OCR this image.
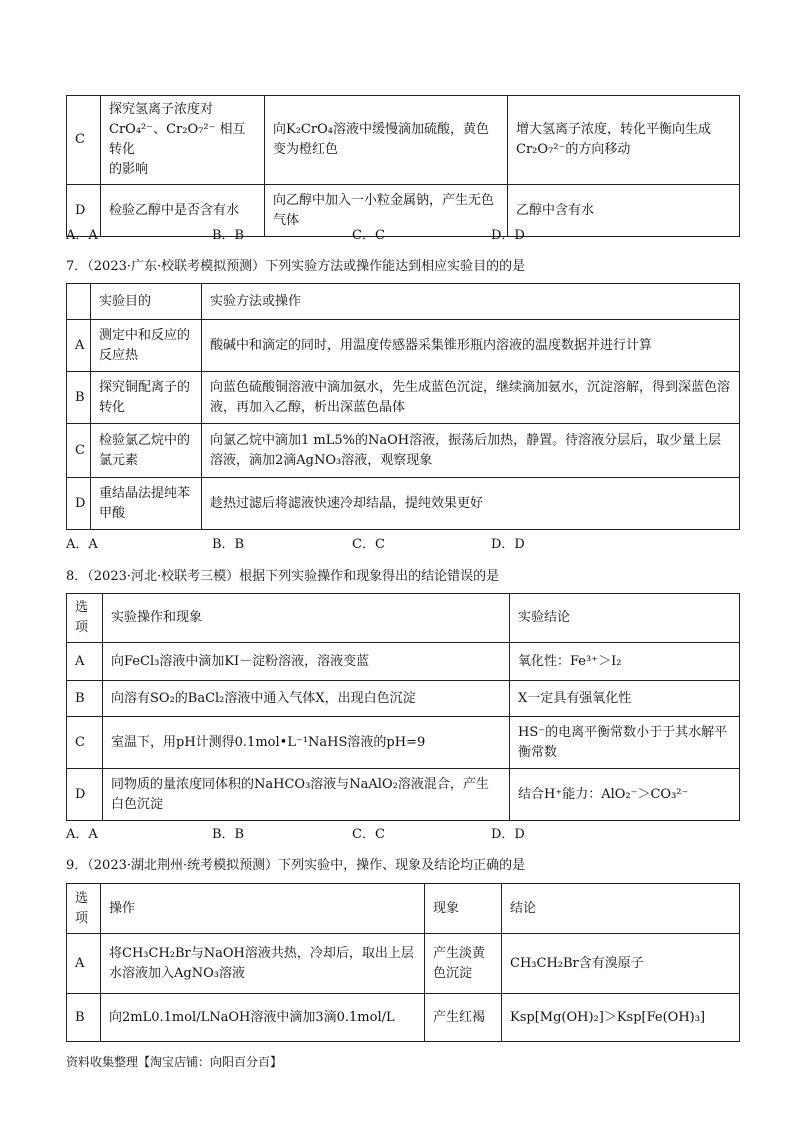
C	探究氢离子浓度对
CrO₄²⁻、Cr₂O₇²⁻ 相互转化
的影响	向K₂CrO₄溶液中缓慢滴加硫酸，黄色变为橙红色	增大氢离子浓度，转化平衡向生成Cr₂O₇²⁻的方向移动
D	检验乙醇中是否含有水	向乙醇中加入一小粒金属钠，产生无色气体	乙醇中含有水
A．A	B．B	C．C	D．D
7．（2023·广东·校联考模拟预测）下列实验方法或操作能达到相应实验目的的是
	实验目的	实验方法或操作
A	测定中和反应的反应热	酸碱中和滴定的同时，用温度传感器采集锥形瓶内溶液的温度数据并进行计算
B	探究铜配离子的转化	向蓝色硫酸铜溶液中滴加氨水，先生成蓝色沉淀，继续滴加氨水，沉淀溶解，得到深蓝色溶液，再加入乙醇，析出深蓝色晶体
C	检验氯乙烷中的氯元素	向氯乙烷中滴加1 mL5%的NaOH溶液，振荡后加热，静置。待溶液分层后，取少量上层溶液，滴加2滴AgNO₃溶液，观察现象
D	重结晶法提纯苯甲酸	趁热过滤后将滤液快速冷却结晶，提纯效果更好
A．A	B．B	C．C	D．D
8．（2023·河北·校联考三模）根据下列实验操作和现象得出的结论错误的是
选项	实验操作和现象	实验结论
A	向FeCl₃溶液中滴加KI－淀粉溶液，溶液变蓝	氧化性：Fe³⁺＞I₂
B	向溶有SO₂的BaCl₂溶液中通入气体X，出现白色沉淀	X一定具有强氧化性
C	室温下，用pH计测得0.1mol•L⁻¹NaHS溶液的pH=9	HS⁻的电离平衡常数小于于其水解平衡常数
D	同物质的量浓度同体积的NaHCO₃溶液与NaAlO₂溶液混合，产生白色沉淀	结合H⁺能力：AlO₂⁻＞CO₃²⁻
A．A	B．B	C．C	D．D
9．（2023·湖北荆州·统考模拟预测）下列实验中，操作、现象及结论均正确的是
选项	操作	现象	结论
A	将CH₃CH₂Br与NaOH溶液共热，冷却后，取出上层水溶液加入AgNO₃溶液	产生淡黄色沉淀	CH₃CH₂Br含有溴原子
B	向2mL0.1mol/LNaOH溶液中滴加3滴0.1mol/L	产生红褐	Ksp[Mg(OH)₂]＞Ksp[Fe(OH)₃]
资料收集整理【淘宝店铺：向阳百分百】
